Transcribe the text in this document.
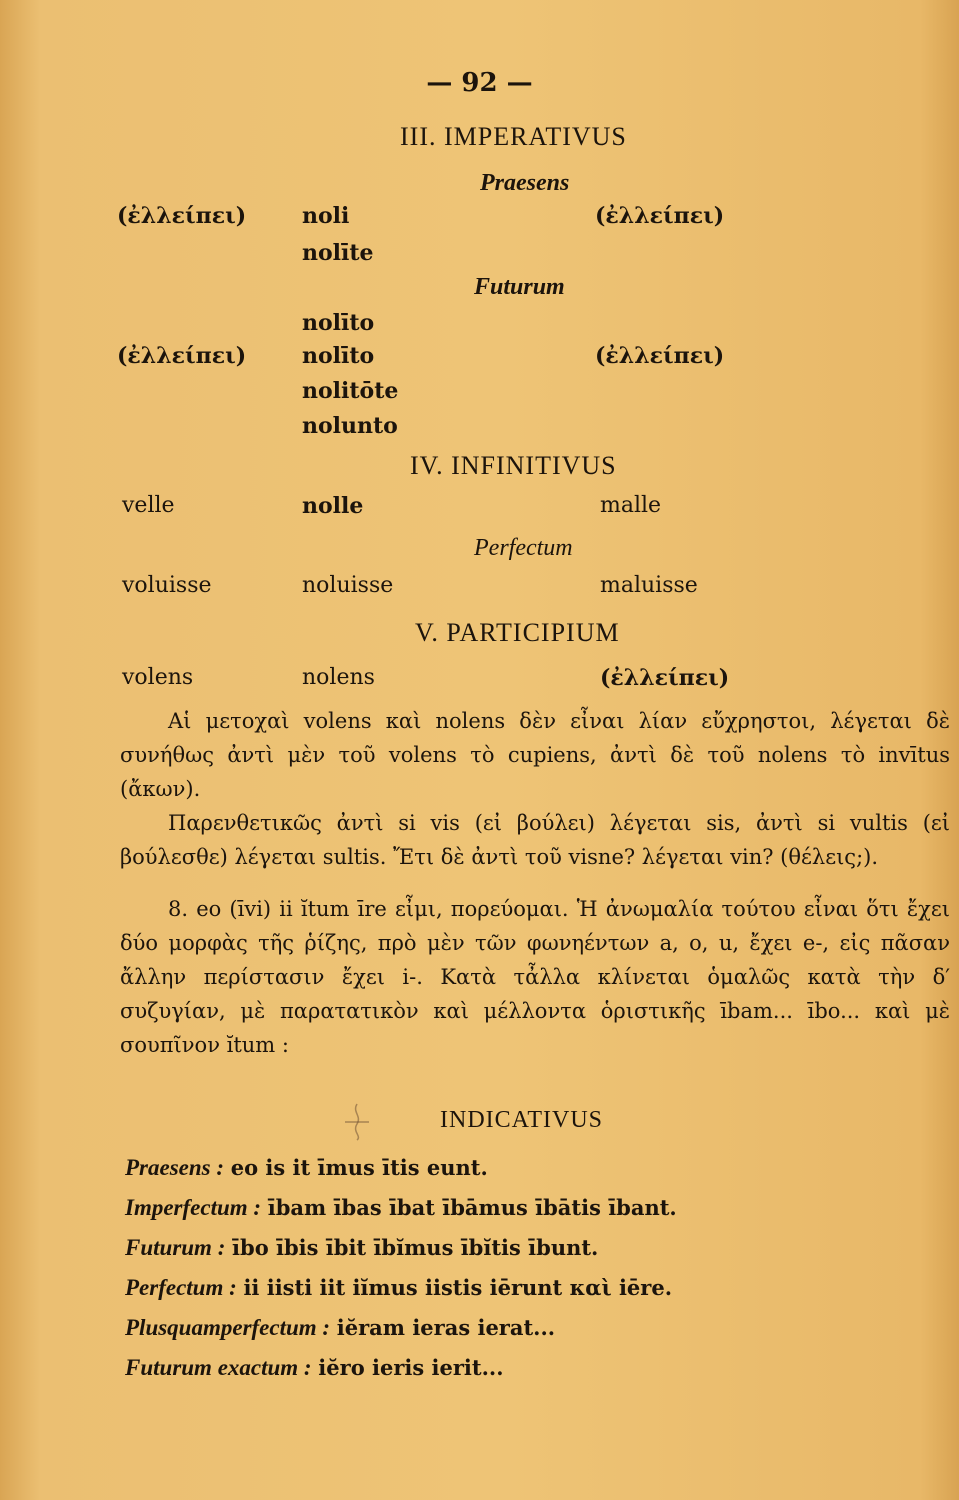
— 92 —
III. IMPERATIVUS
Praesens
(ἐλλείπει)	noli	(ἐλλείπει)
nolīte
Futurum
nolīto
(ἐλλείπει)	nolīto	(ἐλλείπει)
nolitōte
nolunto
IV. INFINITIVUS
velle	nolle	malle
Perfectum
voluisse	noluisse	maluisse
V. PARTICIPIUM
volens	nolens	(ἐλλείπει)

Αἱ μετοχαὶ volens καὶ nolens δὲν εἶναι λίαν εὔχρηστοι, λέγεται δὲ συνήθως ἀντὶ μὲν τοῦ volens τὸ cupiens, ἀντὶ δὲ τοῦ nolens τὸ invītus (ἄκων).

Παρενθετικῶς ἀντὶ si vis (εἰ βούλει) λέγεται sis, ἀντὶ si vultis (εἰ βούλεσθε) λέγεται sultis. Ἔτι δὲ ἀντὶ τοῦ visne? λέγεται vin? (θέλεις;).

8. eo (īvi) ii ĭtum īre εἶμι, πορεύομαι. Ἡ ἀνωμαλία τούτου εἶναι ὅτι ἔχει δύο μορφὰς τῆς ῥίζης, πρὸ μὲν τῶν φωνηέντων a, o, u, ἔχει e-, εἰς πᾶσαν ἄλλην περίστασιν ἔχει i-. Κατὰ τἆλλα κλίνεται ὁμαλῶς κατὰ τὴν δ′ συζυγίαν, μὲ παρατατικὸν καὶ μέλλοντα ὁριστικῆς ībam... ībo... καὶ μὲ σουπῖνον ĭtum :

INDICATIVUS
Praesens : eo is it īmus ītis eunt.
Imperfectum : ībam ības ībat ībāmus ībātis ībant.
Futurum : ībo ībis ībit ībĭmus ībĭtis ībunt.
Perfectum : ii iisti iit iĭmus iistis iērunt καὶ iēre.
Plusquamperfectum : iĕram ieras ierat...
Futurum exactum : iĕro ieris ierit...
